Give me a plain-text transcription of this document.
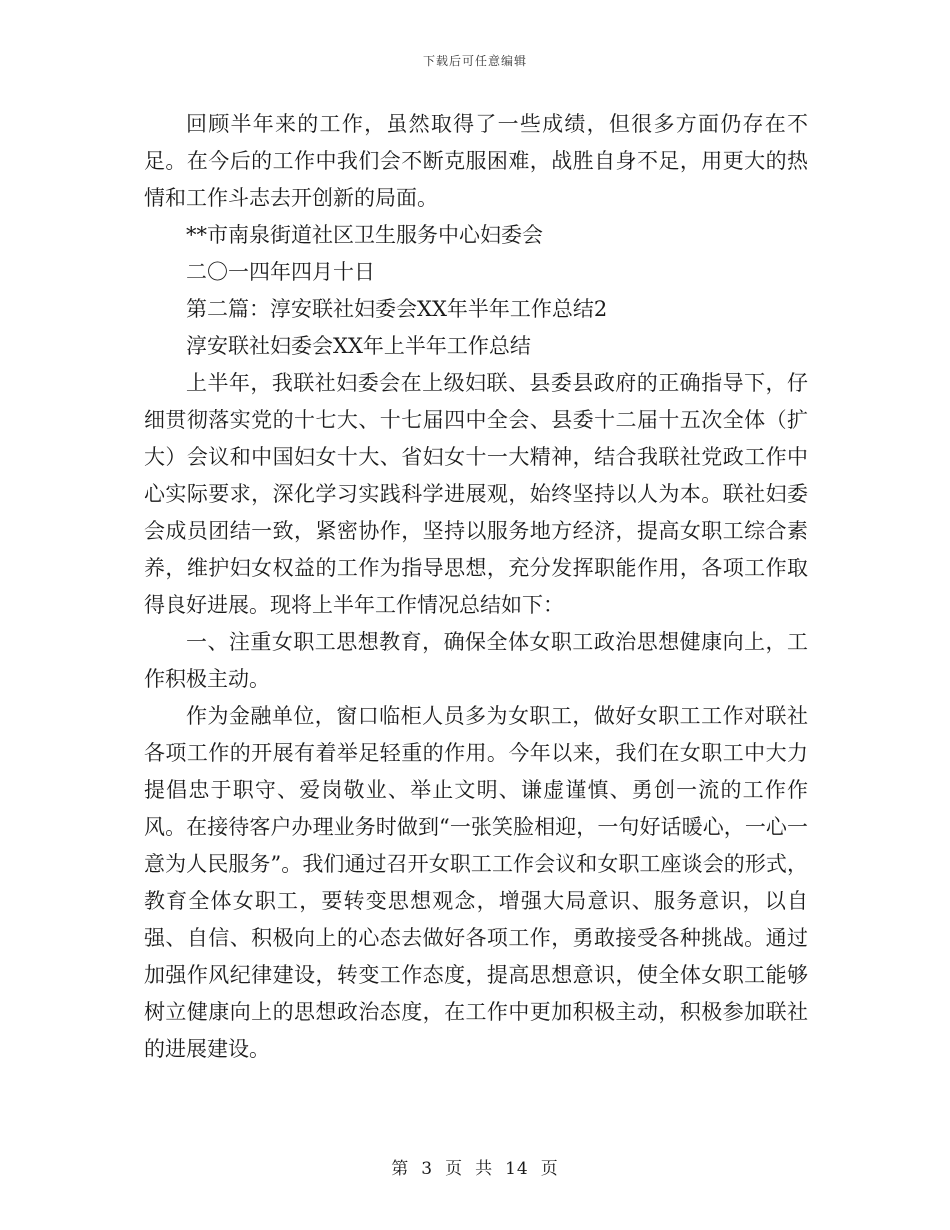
下载后可任意编辑

回顾半年来的工作，虽然取得了一些成绩，但很多方面仍存在不足。在今后的工作中我们会不断克服困难，战胜自身不足，用更大的热情和工作斗志去开创新的局面。

**市南泉街道社区卫生服务中心妇委会

二〇一四年四月十日

第二篇：淳安联社妇委会XX年半年工作总结2

淳安联社妇委会XX年上半年工作总结

上半年，我联社妇委会在上级妇联、县委县政府的正确指导下，仔细贯彻落实党的十七大、十七届四中全会、县委十二届十五次全体（扩大）会议和中国妇女十大、省妇女十一大精神，结合我联社党政工作中心实际要求，深化学习实践科学进展观，始终坚持以人为本。联社妇委会成员团结一致，紧密协作，坚持以服务地方经济，提高女职工综合素养，维护妇女权益的工作为指导思想，充分发挥职能作用，各项工作取得良好进展。现将上半年工作情况总结如下：

一、注重女职工思想教育，确保全体女职工政治思想健康向上，工作积极主动。

作为金融单位，窗口临柜人员多为女职工，做好女职工工作对联社各项工作的开展有着举足轻重的作用。今年以来，我们在女职工中大力提倡忠于职守、爱岗敬业、举止文明、谦虚谨慎、勇创一流的工作作风。在接待客户办理业务时做到“一张笑脸相迎，一句好话暖心，一心一意为人民服务”。我们通过召开女职工工作会议和女职工座谈会的形式，教育全体女职工，要转变思想观念，增强大局意识、服务意识，以自强、自信、积极向上的心态去做好各项工作，勇敢接受各种挑战。通过加强作风纪律建设，转变工作态度，提高思想意识，使全体女职工能够树立健康向上的思想政治态度，在工作中更加积极主动，积极参加联社的进展建设。

第 3 页 共 14 页
